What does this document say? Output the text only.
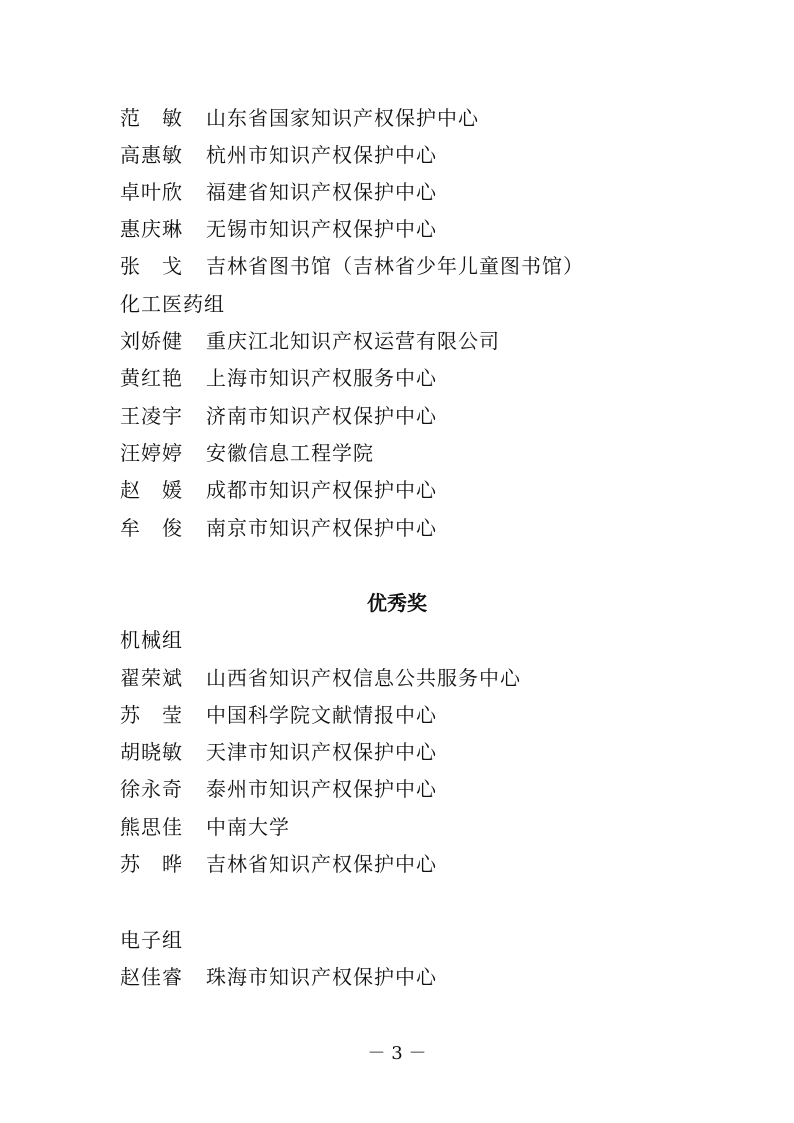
范　敏 山东省国家知识产权保护中心
高惠敏 杭州市知识产权保护中心
卓叶欣 福建省知识产权保护中心
惠庆琳 无锡市知识产权保护中心
张　戈 吉林省图书馆（吉林省少年儿童图书馆）
化工医药组
刘娇健 重庆江北知识产权运营有限公司
黄红艳 上海市知识产权服务中心
王凌宇 济南市知识产权保护中心
汪婷婷 安徽信息工程学院
赵　媛 成都市知识产权保护中心
牟　俊 南京市知识产权保护中心
优秀奖
机械组
翟荣斌 山西省知识产权信息公共服务中心
苏　莹 中国科学院文献情报中心
胡晓敏 天津市知识产权保护中心
徐永奇 泰州市知识产权保护中心
熊思佳 中南大学
苏　晔 吉林省知识产权保护中心
电子组
赵佳睿 珠海市知识产权保护中心
－ 3 －
